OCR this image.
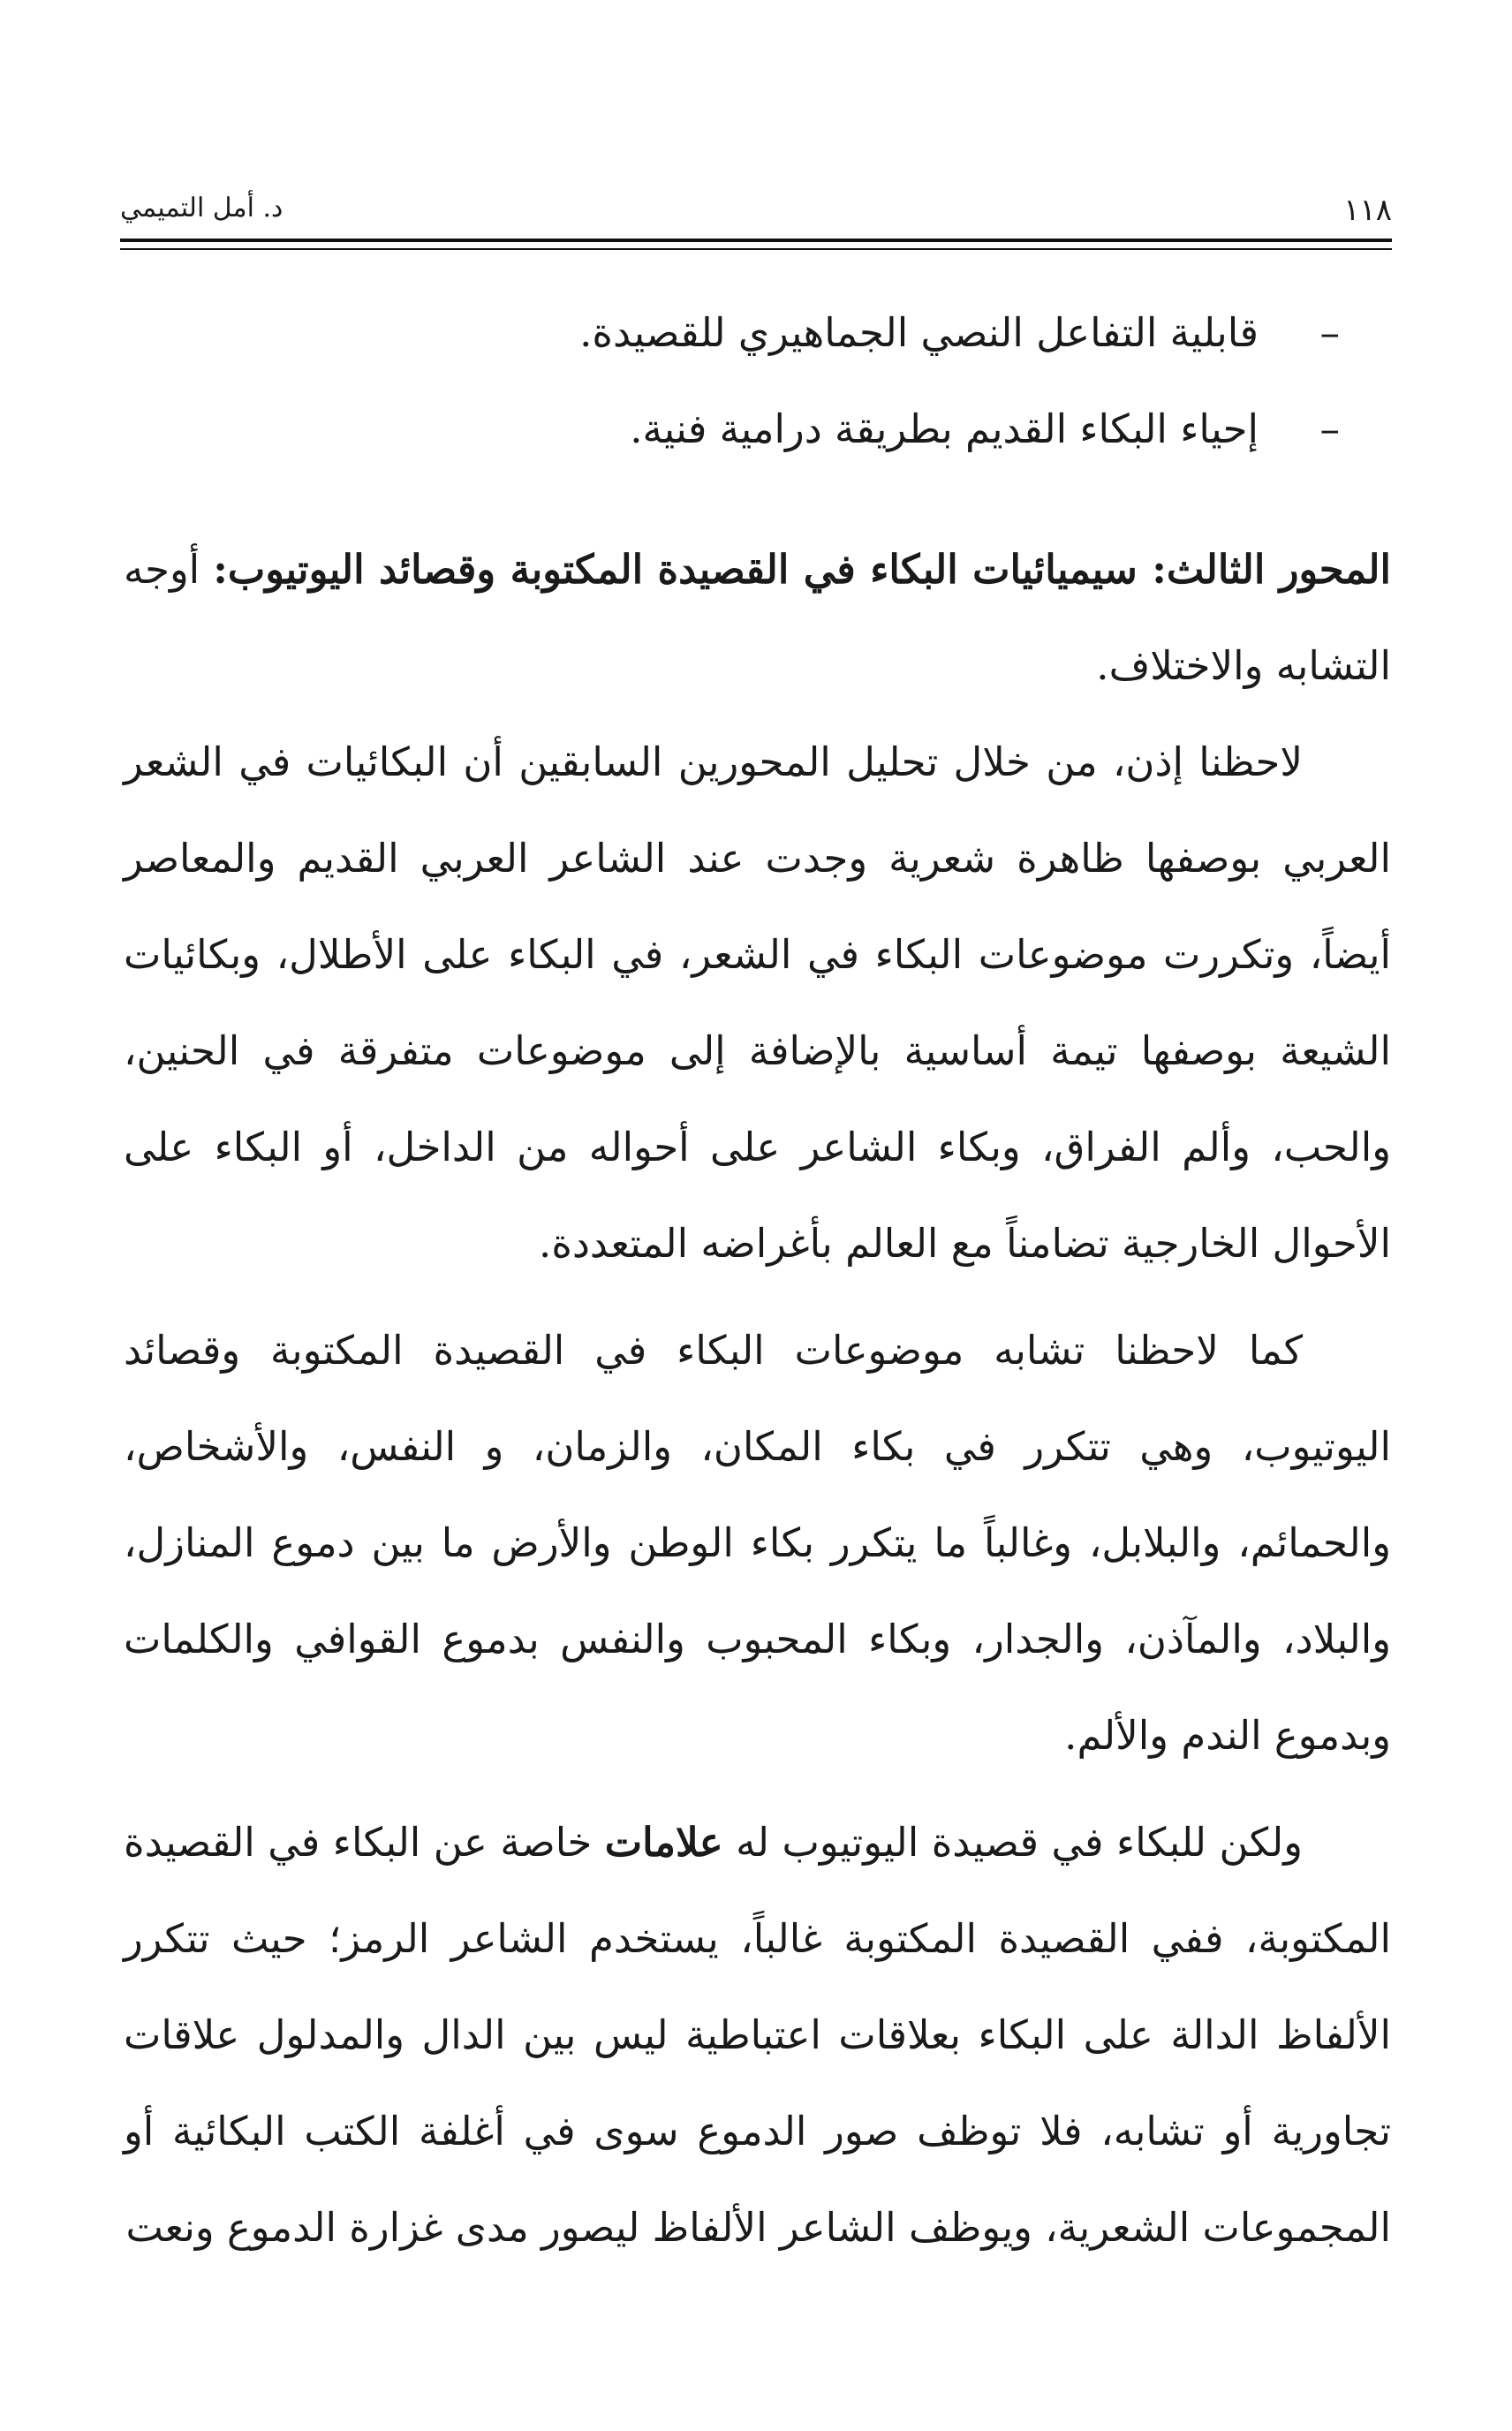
١١٨
د. أمل التميمي
–
قابلية التفاعل النصي الجماهيري للقصيدة.
–
إحياء البكاء القديم بطريقة درامية فنية.

المحور الثالث: سيميائيات البكاء في القصيدة المكتوبة وقصائد اليوتيوب: أوجه التشابه والاختلاف.

لاحظنا إذن، من خلال تحليل المحورين السابقين أن البكائيات في الشعر العربي بوصفها ظاهرة شعرية وجدت عند الشاعر العربي القديم والمعاصر أيضاً، وتكررت موضوعات البكاء في الشعر، في البكاء على الأطلال، وبكائيات الشيعة بوصفها تيمة أساسية بالإضافة إلى موضوعات متفرقة في الحنين، والحب، وألم الفراق، وبكاء الشاعر على أحواله من الداخل، أو البكاء على الأحوال الخارجية تضامناً مع العالم بأغراضه المتعددة.

كما لاحظنا تشابه موضوعات البكاء في القصيدة المكتوبة وقصائد اليوتيوب، وهي تتكرر في بكاء المكان، والزمان، و النفس، والأشخاص، والحمائم، والبلابل، وغالباً ما يتكرر بكاء الوطن والأرض ما بين دموع المنازل، والبلاد، والمآذن، والجدار، وبكاء المحبوب والنفس بدموع القوافي والكلمات وبدموع الندم والألم.

ولكن للبكاء في قصيدة اليوتيوب له علامات خاصة عن البكاء في القصيدة المكتوبة، ففي القصيدة المكتوبة غالباً، يستخدم الشاعر الرمز؛ حيث تتكرر الألفاظ الدالة على البكاء بعلاقات اعتباطية ليس بين الدال والمدلول علاقات تجاورية أو تشابه، فلا توظف صور الدموع سوى في أغلفة الكتب البكائية أو المجموعات الشعرية، ويوظف الشاعر الألفاظ ليصور مدى غزارة الدموع ونعت
